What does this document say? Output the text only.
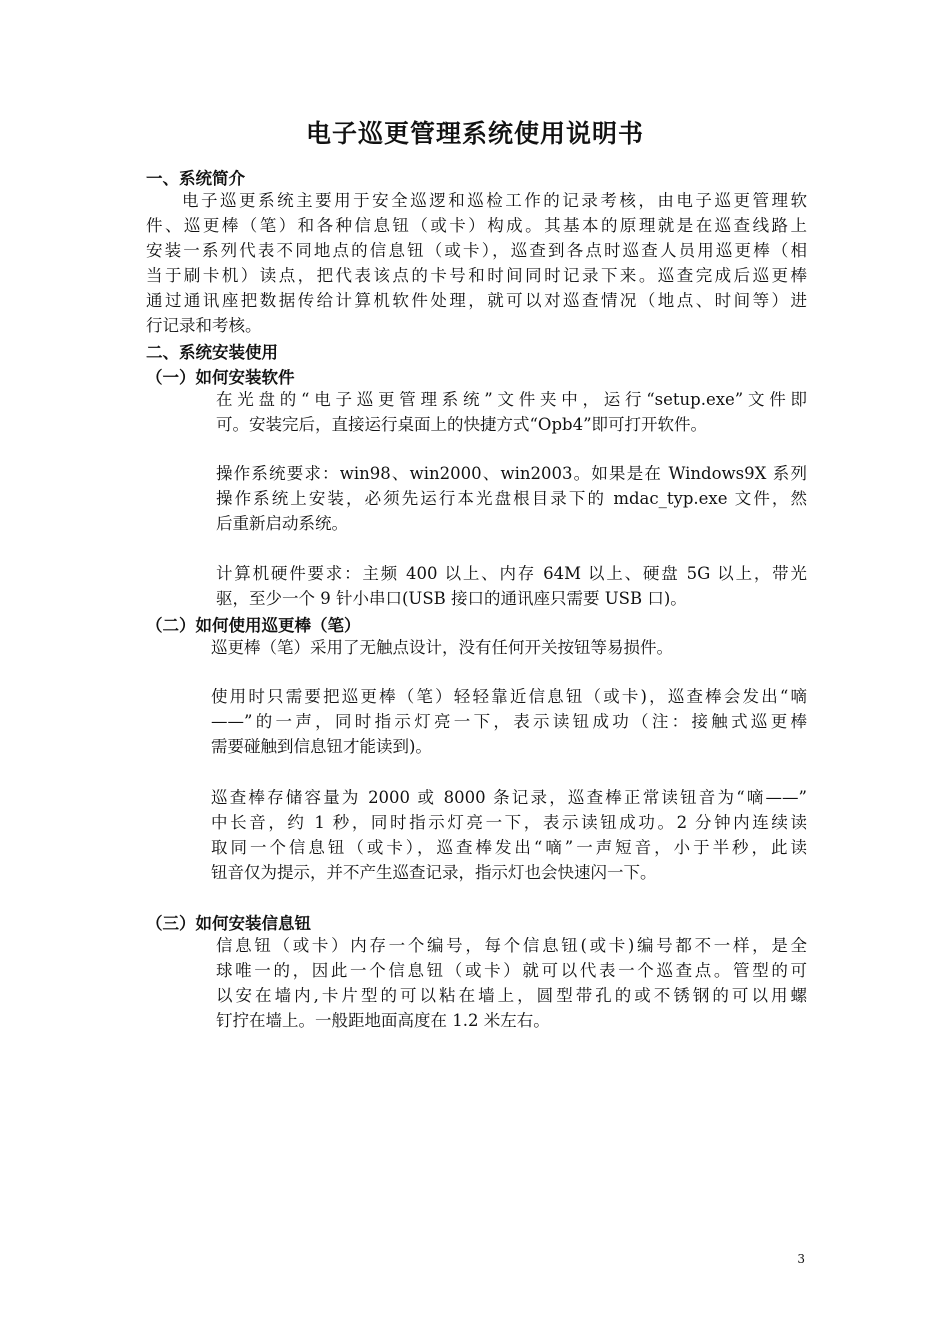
电子巡更管理系统使用说明书
一、系统简介
电子巡更系统主要用于安全巡逻和巡检工作的记录考核，由电子巡更管理软
件、巡更棒（笔）和各种信息钮（或卡）构成。其基本的原理就是在巡查线路上
安装一系列代表不同地点的信息钮（或卡），巡查到各点时巡查人员用巡更棒（相
当于刷卡机）读点，把代表该点的卡号和时间同时记录下来。巡查完成后巡更棒
通过通讯座把数据传给计算机软件处理，就可以对巡查情况（地点、时间等）进
行记录和考核。
二、系统安装使用
（一）如何安装软件
在光盘的“电子巡更管理系统”文件夹中，运行“setup.exe”文件即
可。安装完后，直接运行桌面上的快捷方式“Opb4”即可打开软件。
操作系统要求：win98、win2000、win2003。如果是在 Windows9X 系列
操作系统上安装，必须先运行本光盘根目录下的 mdac_typ.exe 文件，然
后重新启动系统。
计算机硬件要求：主频 400 以上、内存 64M 以上、硬盘 5G 以上，带光
驱，至少一个 9 针小串口(USB 接口的通讯座只需要 USB 口)。
（二）如何使用巡更棒（笔）
巡更棒（笔）采用了无触点设计，没有任何开关按钮等易损件。
使用时只需要把巡更棒（笔）轻轻靠近信息钮（或卡)，巡查棒会发出“嘀
——”的一声，同时指示灯亮一下，表示读钮成功（注：接触式巡更棒
需要碰触到信息钮才能读到)。
巡查棒存储容量为 2000 或 8000 条记录，巡查棒正常读钮音为“嘀——”
中长音，约 1 秒，同时指示灯亮一下，表示读钮成功。2 分钟内连续读
取同一个信息钮（或卡），巡查棒发出“嘀”一声短音，小于半秒，此读
钮音仅为提示，并不产生巡查记录，指示灯也会快速闪一下。
（三）如何安装信息钮
信息钮（或卡）内存一个编号，每个信息钮(或卡)编号都不一样，是全
球唯一的，因此一个信息钮（或卡）就可以代表一个巡查点。管型的可
以安在墙内,卡片型的可以粘在墙上，圆型带孔的或不锈钢的可以用螺
钉拧在墙上。一般距地面高度在 1.2 米左右。
3
